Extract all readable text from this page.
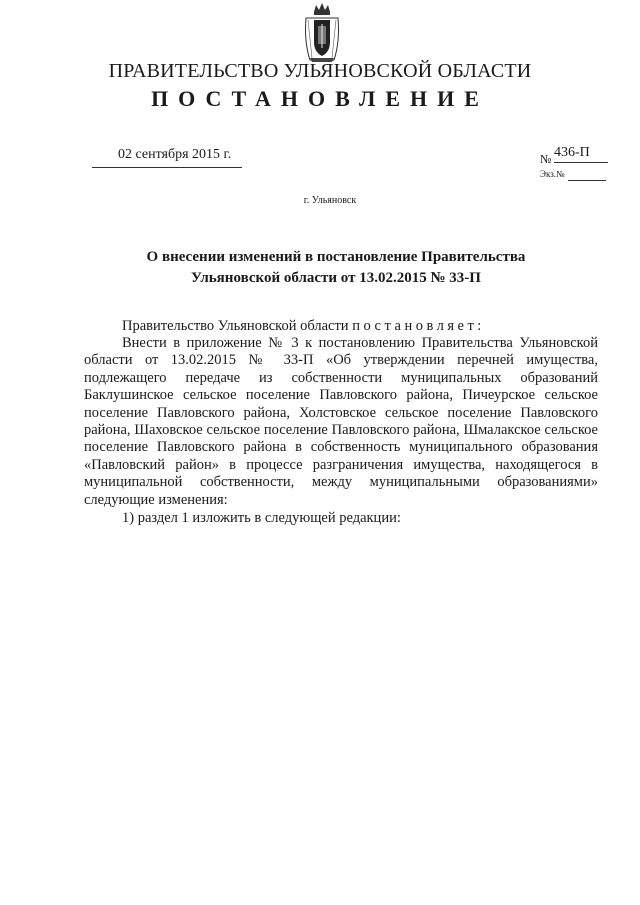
ПРАВИТЕЛЬСТВО УЛЬЯНОВСКОЙ ОБЛАСТИ
ПОСТАНОВЛЕНИЕ
02 сентября 2015 г.	№ 436-П
Экз.№
г. Ульяновск
О внесении изменений в постановление Правительства
Ульяновской области от 13.02.2015 № 33-П
Правительство Ульяновской области постановляет:
Внести в приложение № 3 к постановлению Правительства Ульяновской области от 13.02.2015 № 33-П «Об утверждении перечней имущества, подлежащего передаче из собственности муниципальных образований Баклушинское сельское поселение Павловского района, Пичеурское сельское поселение Павловского района, Холстовское сельское поселение Павловского района, Шаховское сельское поселение Павловского района, Шмалакское сельское поселение Павловского района в собственность муниципального образования «Павловский район» в процессе разграничения имущества, находящегося в муниципальной собственности, между муниципальными образованиями» следующие изменения:
1) раздел 1 изложить в следующей редакции:
